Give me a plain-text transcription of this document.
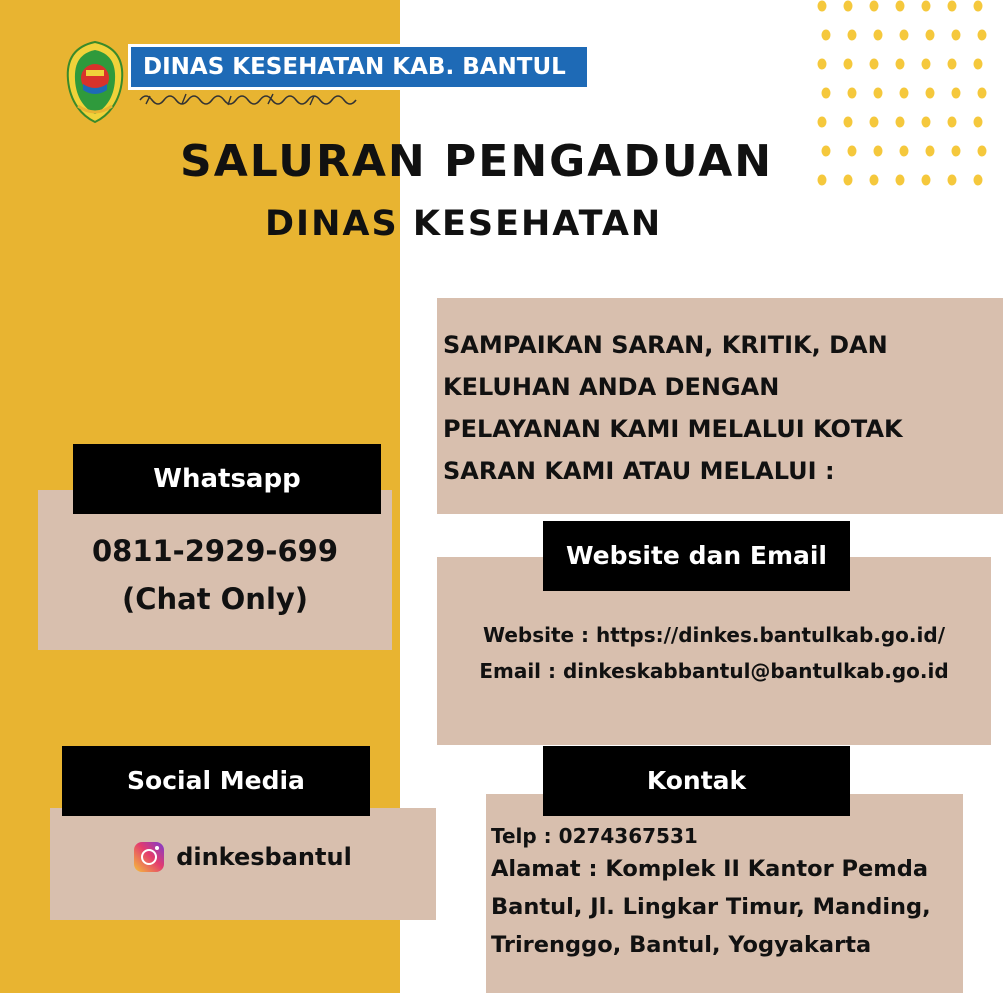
DINAS KESEHATAN KAB. BANTUL
SALURAN PENGADUAN
DINAS KESEHATAN

SAMPAIKAN SARAN, KRITIK, DAN

KELUHAN ANDA DENGAN

PELAYANAN KAMI MELALUI KOTAK

SARAN KAMI ATAU MELALUI :

0811-2929-699
(Chat Only)
Whatsapp
Website : https://dinkes.bantulkab.go.id/
Email : dinkeskabbantul@bantulkab.go.id
Website dan Email
dinkesbantul
Social Media
Telp : 0274367531
Alamat : Komplek II Kantor Pemda
Bantul, Jl. Lingkar Timur, Manding,
Trirenggo, Bantul, Yogyakarta
Kontak
